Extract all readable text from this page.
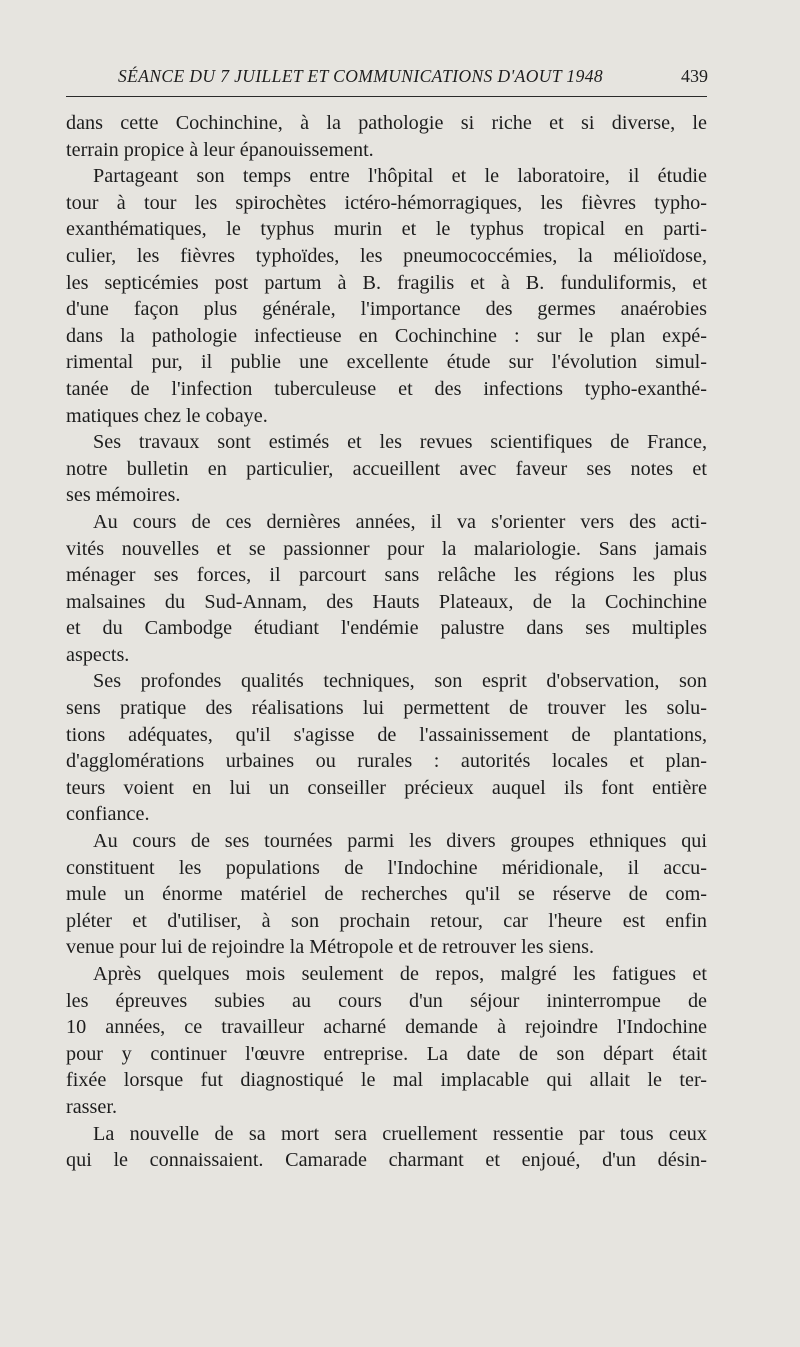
SÉANCE DU 7 JUILLET ET COMMUNICATIONS D'AOUT 1948	439
dans cette Cochinchine, à la pathologie si riche et si diverse, le
terrain propice à leur épanouissement.
Partageant son temps entre l'hôpital et le laboratoire, il étudie
tour à tour les spirochètes ictéro-hémorragiques, les fièvres typho-
exanthématiques, le typhus murin et le typhus tropical en parti-
culier, les fièvres typhoïdes, les pneumococcémies, la mélioïdose,
les septicémies post partum à B. fragilis et à B. funduliformis, et
d'une façon plus générale, l'importance des germes anaérobies
dans la pathologie infectieuse en Cochinchine : sur le plan expé-
rimental pur, il publie une excellente étude sur l'évolution simul-
tanée de l'infection tuberculeuse et des infections typho-exanthé-
matiques chez le cobaye.
Ses travaux sont estimés et les revues scientifiques de France,
notre bulletin en particulier, accueillent avec faveur ses notes et
ses mémoires.
Au cours de ces dernières années, il va s'orienter vers des acti-
vités nouvelles et se passionner pour la malariologie. Sans jamais
ménager ses forces, il parcourt sans relâche les régions les plus
malsaines du Sud-Annam, des Hauts Plateaux, de la Cochinchine
et du Cambodge étudiant l'endémie palustre dans ses multiples
aspects.
Ses profondes qualités techniques, son esprit d'observation, son
sens pratique des réalisations lui permettent de trouver les solu-
tions adéquates, qu'il s'agisse de l'assainissement de plantations,
d'agglomérations urbaines ou rurales : autorités locales et plan-
teurs voient en lui un conseiller précieux auquel ils font entière
confiance.
Au cours de ses tournées parmi les divers groupes ethniques qui
constituent les populations de l'Indochine méridionale, il accu-
mule un énorme matériel de recherches qu'il se réserve de com-
pléter et d'utiliser, à son prochain retour, car l'heure est enfin
venue pour lui de rejoindre la Métropole et de retrouver les siens.
Après quelques mois seulement de repos, malgré les fatigues et
les épreuves subies au cours d'un séjour ininterrompue de
10 années, ce travailleur acharné demande à rejoindre l'Indochine
pour y continuer l'œuvre entreprise. La date de son départ était
fixée lorsque fut diagnostiqué le mal implacable qui allait le ter-
rasser.
La nouvelle de sa mort sera cruellement ressentie par tous ceux
qui le connaissaient. Camarade charmant et enjoué, d'un désin-
